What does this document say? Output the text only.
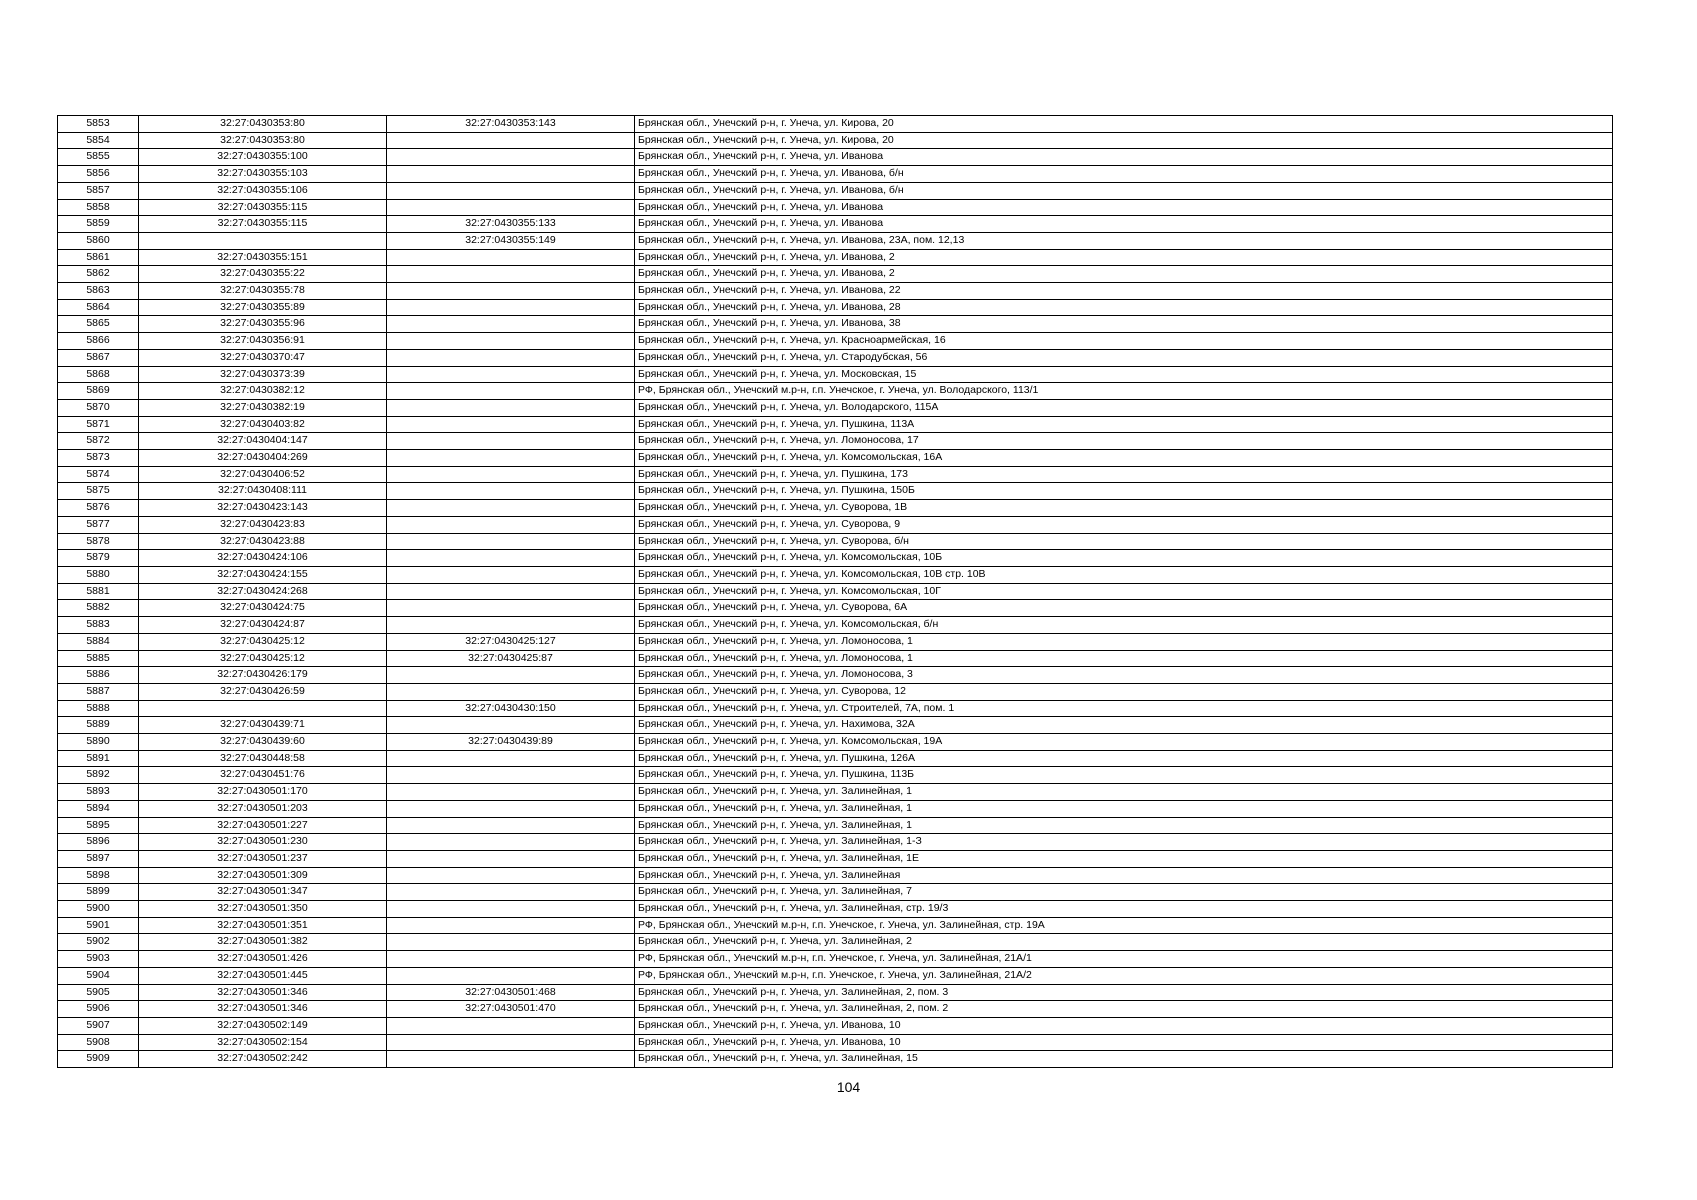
5853	32:27:0430353:80	32:27:0430353:143	Брянская обл., Унечский р-н, г. Унеча, ул. Кирова, 20
5854	32:27:0430353:80		Брянская обл., Унечский р-н, г. Унеча, ул. Кирова, 20
5855	32:27:0430355:100		Брянская обл., Унечский р-н, г. Унеча, ул. Иванова
5856	32:27:0430355:103		Брянская обл., Унечский р-н, г. Унеча, ул. Иванова, б/н
5857	32:27:0430355:106		Брянская обл., Унечский р-н, г. Унеча, ул. Иванова, б/н
5858	32:27:0430355:115		Брянская обл., Унечский р-н, г. Унеча, ул. Иванова
5859	32:27:0430355:115	32:27:0430355:133	Брянская обл., Унечский р-н, г. Унеча, ул. Иванова
5860		32:27:0430355:149	Брянская обл., Унечский р-н, г. Унеча, ул. Иванова, 23А, пом. 12,13
5861	32:27:0430355:151		Брянская обл., Унечский р-н, г. Унеча, ул. Иванова, 2
5862	32:27:0430355:22		Брянская обл., Унечский р-н, г. Унеча, ул. Иванова, 2
5863	32:27:0430355:78		Брянская обл., Унечский р-н, г. Унеча, ул. Иванова, 22
5864	32:27:0430355:89		Брянская обл., Унечский р-н, г. Унеча, ул. Иванова, 28
5865	32:27:0430355:96		Брянская обл., Унечский р-н, г. Унеча, ул. Иванова, 38
5866	32:27:0430356:91		Брянская обл., Унечский р-н, г. Унеча, ул. Красноармейская, 16
5867	32:27:0430370:47		Брянская обл., Унечский р-н, г. Унеча, ул. Стародубская, 56
5868	32:27:0430373:39		Брянская обл., Унечский р-н, г. Унеча, ул. Московская, 15
5869	32:27:0430382:12		РФ, Брянская обл., Унечский м.р-н, г.п. Унечское, г. Унеча, ул. Володарского, 113/1
5870	32:27:0430382:19		Брянская обл., Унечский р-н, г. Унеча, ул. Володарского, 115А
5871	32:27:0430403:82		Брянская обл., Унечский р-н, г. Унеча, ул. Пушкина, 113А
5872	32:27:0430404:147		Брянская обл., Унечский р-н, г. Унеча, ул. Ломоносова, 17
5873	32:27:0430404:269		Брянская обл., Унечский р-н, г. Унеча, ул. Комсомольская, 16А
5874	32:27:0430406:52		Брянская обл., Унечский р-н, г. Унеча, ул. Пушкина, 173
5875	32:27:0430408:111		Брянская обл., Унечский р-н, г. Унеча, ул. Пушкина, 150Б
5876	32:27:0430423:143		Брянская обл., Унечский р-н, г. Унеча, ул. Суворова, 1В
5877	32:27:0430423:83		Брянская обл., Унечский р-н, г. Унеча, ул. Суворова, 9
5878	32:27:0430423:88		Брянская обл., Унечский р-н, г. Унеча, ул. Суворова, б/н
5879	32:27:0430424:106		Брянская обл., Унечский р-н, г. Унеча, ул. Комсомольская, 10Б
5880	32:27:0430424:155		Брянская обл., Унечский р-н, г. Унеча, ул. Комсомольская, 10В стр. 10В
5881	32:27:0430424:268		Брянская обл., Унечский р-н, г. Унеча, ул. Комсомольская, 10Г
5882	32:27:0430424:75		Брянская обл., Унечский р-н, г. Унеча, ул. Суворова, 6А
5883	32:27:0430424:87		Брянская обл., Унечский р-н, г. Унеча, ул. Комсомольская, б/н
5884	32:27:0430425:12	32:27:0430425:127	Брянская обл., Унечский р-н, г. Унеча, ул. Ломоносова, 1
5885	32:27:0430425:12	32:27:0430425:87	Брянская обл., Унечский р-н, г. Унеча, ул. Ломоносова, 1
5886	32:27:0430426:179		Брянская обл., Унечский р-н, г. Унеча, ул. Ломоносова, 3
5887	32:27:0430426:59		Брянская обл., Унечский р-н, г. Унеча, ул. Суворова, 12
5888		32:27:0430430:150	Брянская обл., Унечский р-н, г. Унеча, ул. Строителей, 7А, пом. 1
5889	32:27:0430439:71		Брянская обл., Унечский р-н, г. Унеча, ул. Нахимова, 32А
5890	32:27:0430439:60	32:27:0430439:89	Брянская обл., Унечский р-н, г. Унеча, ул. Комсомольская, 19А
5891	32:27:0430448:58		Брянская обл., Унечский р-н, г. Унеча, ул. Пушкина, 126А
5892	32:27:0430451:76		Брянская обл., Унечский р-н, г. Унеча, ул. Пушкина, 113Б
5893	32:27:0430501:170		Брянская обл., Унечский р-н, г. Унеча, ул. Залинейная, 1
5894	32:27:0430501:203		Брянская обл., Унечский р-н, г. Унеча, ул. Залинейная, 1
5895	32:27:0430501:227		Брянская обл., Унечский р-н, г. Унеча, ул. Залинейная, 1
5896	32:27:0430501:230		Брянская обл., Унечский р-н, г. Унеча, ул. Залинейная, 1-З
5897	32:27:0430501:237		Брянская обл., Унечский р-н, г. Унеча, ул. Залинейная, 1Е
5898	32:27:0430501:309		Брянская обл., Унечский р-н, г. Унеча, ул. Залинейная
5899	32:27:0430501:347		Брянская обл., Унечский р-н, г. Унеча, ул. Залинейная, 7
5900	32:27:0430501:350		Брянская обл., Унечский р-н, г. Унеча, ул. Залинейная, стр. 19/3
5901	32:27:0430501:351		РФ, Брянская обл., Унечский м.р-н, г.п. Унечское, г. Унеча, ул. Залинейная, стр. 19А
5902	32:27:0430501:382		Брянская обл., Унечский р-н, г. Унеча, ул. Залинейная, 2
5903	32:27:0430501:426		РФ, Брянская обл., Унечский м.р-н, г.п. Унечское, г. Унеча, ул. Залинейная, 21А/1
5904	32:27:0430501:445		РФ, Брянская обл., Унечский м.р-н, г.п. Унечское, г. Унеча, ул. Залинейная, 21А/2
5905	32:27:0430501:346	32:27:0430501:468	Брянская обл., Унечский р-н, г. Унеча, ул. Залинейная, 2, пом. 3
5906	32:27:0430501:346	32:27:0430501:470	Брянская обл., Унечский р-н, г. Унеча, ул. Залинейная, 2, пом. 2
5907	32:27:0430502:149		Брянская обл., Унечский р-н, г. Унеча, ул. Иванова, 10
5908	32:27:0430502:154		Брянская обл., Унечский р-н, г. Унеча, ул. Иванова, 10
5909	32:27:0430502:242		Брянская обл., Унечский р-н, г. Унеча, ул. Залинейная, 15
104
